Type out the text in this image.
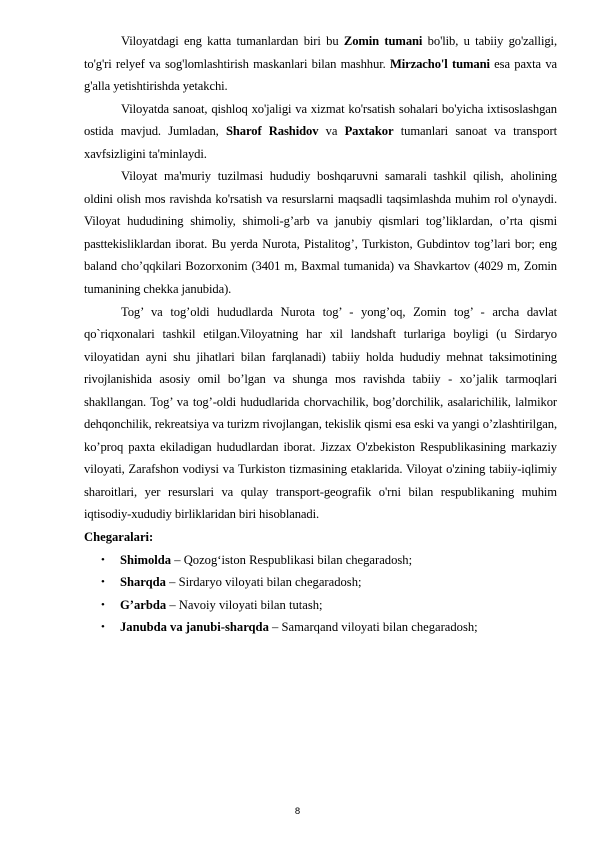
Viloyatdagi eng katta tumanlardan biri bu Zomin tumani bo'lib, u tabiiy go'zalligi, to'g'ri relyef va sog'lomlashtirish maskanlari bilan mashhur. Mirzacho'l tumani esa paxta va g'alla yetishtirishda yetakchi.

Viloyatda sanoat, qishloq xo'jaligi va xizmat ko'rsatish sohalari bo'yicha ixtisoslashgan ostida mavjud. Jumladan, Sharof Rashidov va Paxtakor tumanlari sanoat va transport xavfsizligini ta'minlaydi.

Viloyat ma'muriy tuzilmasi hududiy boshqaruvni samarali tashkil qilish, aholining oldini olish mos ravishda ko'rsatish va resurslarni maqsadli taqsimlashda muhim rol o'ynaydi. Viloyat hududining shimoliy, shimoli-g’arb va janubiy qismlari tog’liklardan, o’rta qismi pasttekisliklardan iborat. Bu yerda Nurota, Pistalitog’, Turkiston, Gubdintov tog’lari bor; eng baland cho’qqkilari Bozorxonim (3401 m, Baxmal tumanida) va Shavkartov (4029 m, Zomin tumanining chekka janubida).

Tog’ va tog’oldi hududlarda Nurota tog’ - yong’oq, Zomin tog’ - archa davlat qo`riqxonalari tashkil etilgan.Viloyatning har xil landshaft turlariga boyligi (u Sirdaryo viloyatidan ayni shu jihatlari bilan farqlanadi) tabiiy holda hududiy mehnat taksimotining rivojlanishida asosiy omil bo’lgan va shunga mos ravishda tabiiy - xo’jalik tarmoqlari shakllangan. Tog’ va tog’-oldi hududlarida chorvachilik, bog’dorchilik, asalarichilik, lalmikor dehqonchilik, rekreatsiya va turizm rivojlangan, tekislik qismi esa eski va yangi o’zlashtirilgan, ko’proq paxta ekiladigan hududlardan iborat. Jizzax O'zbekiston Respublikasining markaziy viloyati, Zarafshon vodiysi va Turkiston tizmasining etaklarida. Viloyat o'zining tabiiy-iqlimiy sharoitlari, yer resurslari va qulay transport-geografik o'rni bilan respublikaning muhim iqtisodiy-xududiy birliklaridan biri hisoblanadi.

Chegaralari:
• Shimolda – Qozog‘iston Respublikasi bilan chegaradosh;
• Sharqda – Sirdaryo viloyati bilan chegaradosh;
• G’arbda – Navoiy viloyati bilan tutash;
• Janubda va janubi-sharqda – Samarqand viloyati bilan chegaradosh;
8
